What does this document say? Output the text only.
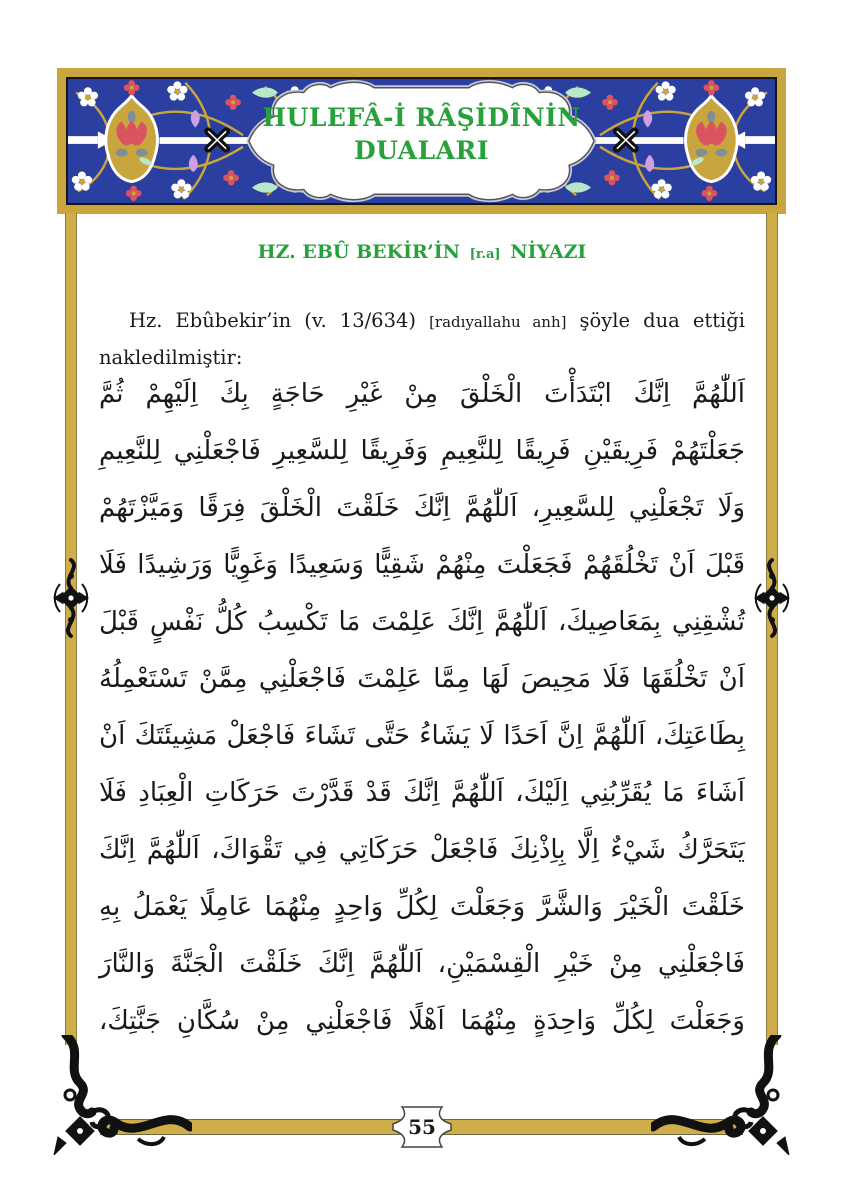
HULEFÂ-İ RÂŞİDÎNİN
DUALARI
HZ. EBÛ BEKİR’İN [r.a] NİYAZI

Hz. Ebûbekir’in (v. 13/634) [radıyallahu anh] şöyle dua ettiği nakledilmiştir:

اَللّٰهُمَّ اِنَّكَ ابْتَدَأْتَ الْخَلْقَ مِنْ غَيْرِ حَاجَةٍ بِكَ اِلَيْهِمْ ثُمَّ
جَعَلْتَهُمْ فَرِيقَيْنِ فَرِيقًا لِلنَّعِيمِ وَفَرِيقًا لِلسَّعِيرِ فَاجْعَلْنِي لِلنَّعِيمِ
وَلَا تَجْعَلْنِي لِلسَّعِيرِ، اَللّٰهُمَّ اِنَّكَ خَلَقْتَ الْخَلْقَ فِرَقًا وَمَيَّزْتَهُمْ
قَبْلَ اَنْ تَخْلُقَهُمْ فَجَعَلْتَ مِنْهُمْ شَقِيًّا وَسَعِيدًا وَغَوِيًّا وَرَشِيدًا فَلَا
تُشْقِنِي بِمَعَاصِيكَ، اَللّٰهُمَّ اِنَّكَ عَلِمْتَ مَا تَكْسِبُ كُلُّ نَفْسٍ قَبْلَ
اَنْ تَخْلُقَهَا فَلَا مَحِيصَ لَهَا مِمَّا عَلِمْتَ فَاجْعَلْنِي مِمَّنْ تَسْتَعْمِلُهُ
بِطَاعَتِكَ، اَللّٰهُمَّ اِنَّ اَحَدًا لَا يَشَاءُ حَتَّى تَشَاءَ فَاجْعَلْ مَشِيئَتَكَ اَنْ
اَشَاءَ مَا يُقَرِّبُنِي اِلَيْكَ، اَللّٰهُمَّ اِنَّكَ قَدْ قَدَّرْتَ حَرَكَاتِ الْعِبَادِ فَلَا
يَتَحَرَّكُ شَيْءٌ اِلَّا بِاِذْنِكَ فَاجْعَلْ حَرَكَاتِي فِي تَقْوَاكَ، اَللّٰهُمَّ اِنَّكَ
خَلَقْتَ الْخَيْرَ وَالشَّرَّ وَجَعَلْتَ لِكُلِّ وَاحِدٍ مِنْهُمَا عَامِلًا يَعْمَلُ بِهِ
فَاجْعَلْنِي مِنْ خَيْرِ الْقِسْمَيْنِ، اَللّٰهُمَّ اِنَّكَ خَلَقْتَ الْجَنَّةَ وَالنَّارَ
وَجَعَلْتَ لِكُلِّ وَاحِدَةٍ مِنْهُمَا اَهْلًا فَاجْعَلْنِي مِنْ سُكَّانِ جَنَّتِكَ،
55
